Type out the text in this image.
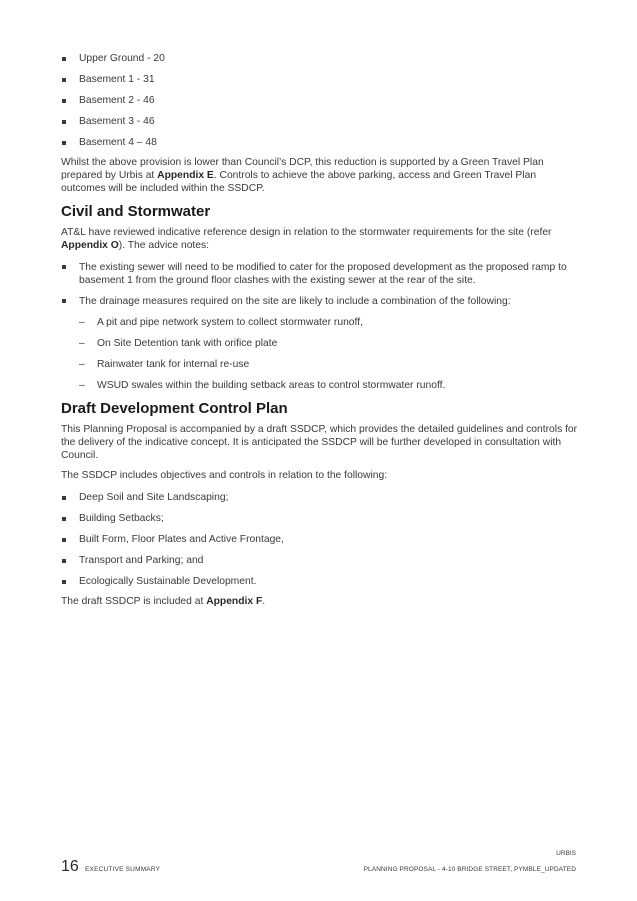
Upper Ground - 20
Basement 1 - 31
Basement 2 - 46
Basement 3 - 46
Basement 4 – 48

Whilst the above provision is lower than Council’s DCP, this reduction is supported by a Green Travel Plan prepared by Urbis at Appendix E. Controls to achieve the above parking, access and Green Travel Plan outcomes will be included within the SSDCP.

Civil and Stormwater

AT&L have reviewed indicative reference design in relation to the stormwater requirements for the site (refer Appendix O). The advice notes:

The existing sewer will need to be modified to cater for the proposed development as the proposed ramp to basement 1 from the ground floor clashes with the existing sewer at the rear of the site.
The drainage measures required on the site are likely to include a combination of the following:
– A pit and pipe network system to collect stormwater runoff,
– On Site Detention tank with orifice plate
– Rainwater tank for internal re-use
– WSUD swales within the building setback areas to control stormwater runoff.
Draft Development Control Plan

This Planning Proposal is accompanied by a draft SSDCP, which provides the detailed guidelines and controls for the delivery of the indicative concept. It is anticipated the SSDCP will be further developed in consultation with Council.

The SSDCP includes objectives and controls in relation to the following:

Deep Soil and Site Landscaping;
Building Setbacks;
Built Form, Floor Plates and Active Frontage,
Transport and Parking; and
Ecologically Sustainable Development.

The draft SSDCP is included at Appendix F.

16 EXECUTIVE SUMMARY
URBIS
PLANNING PROPOSAL - 4-10 BRIDGE STREET, PYMBLE_UPDATED
